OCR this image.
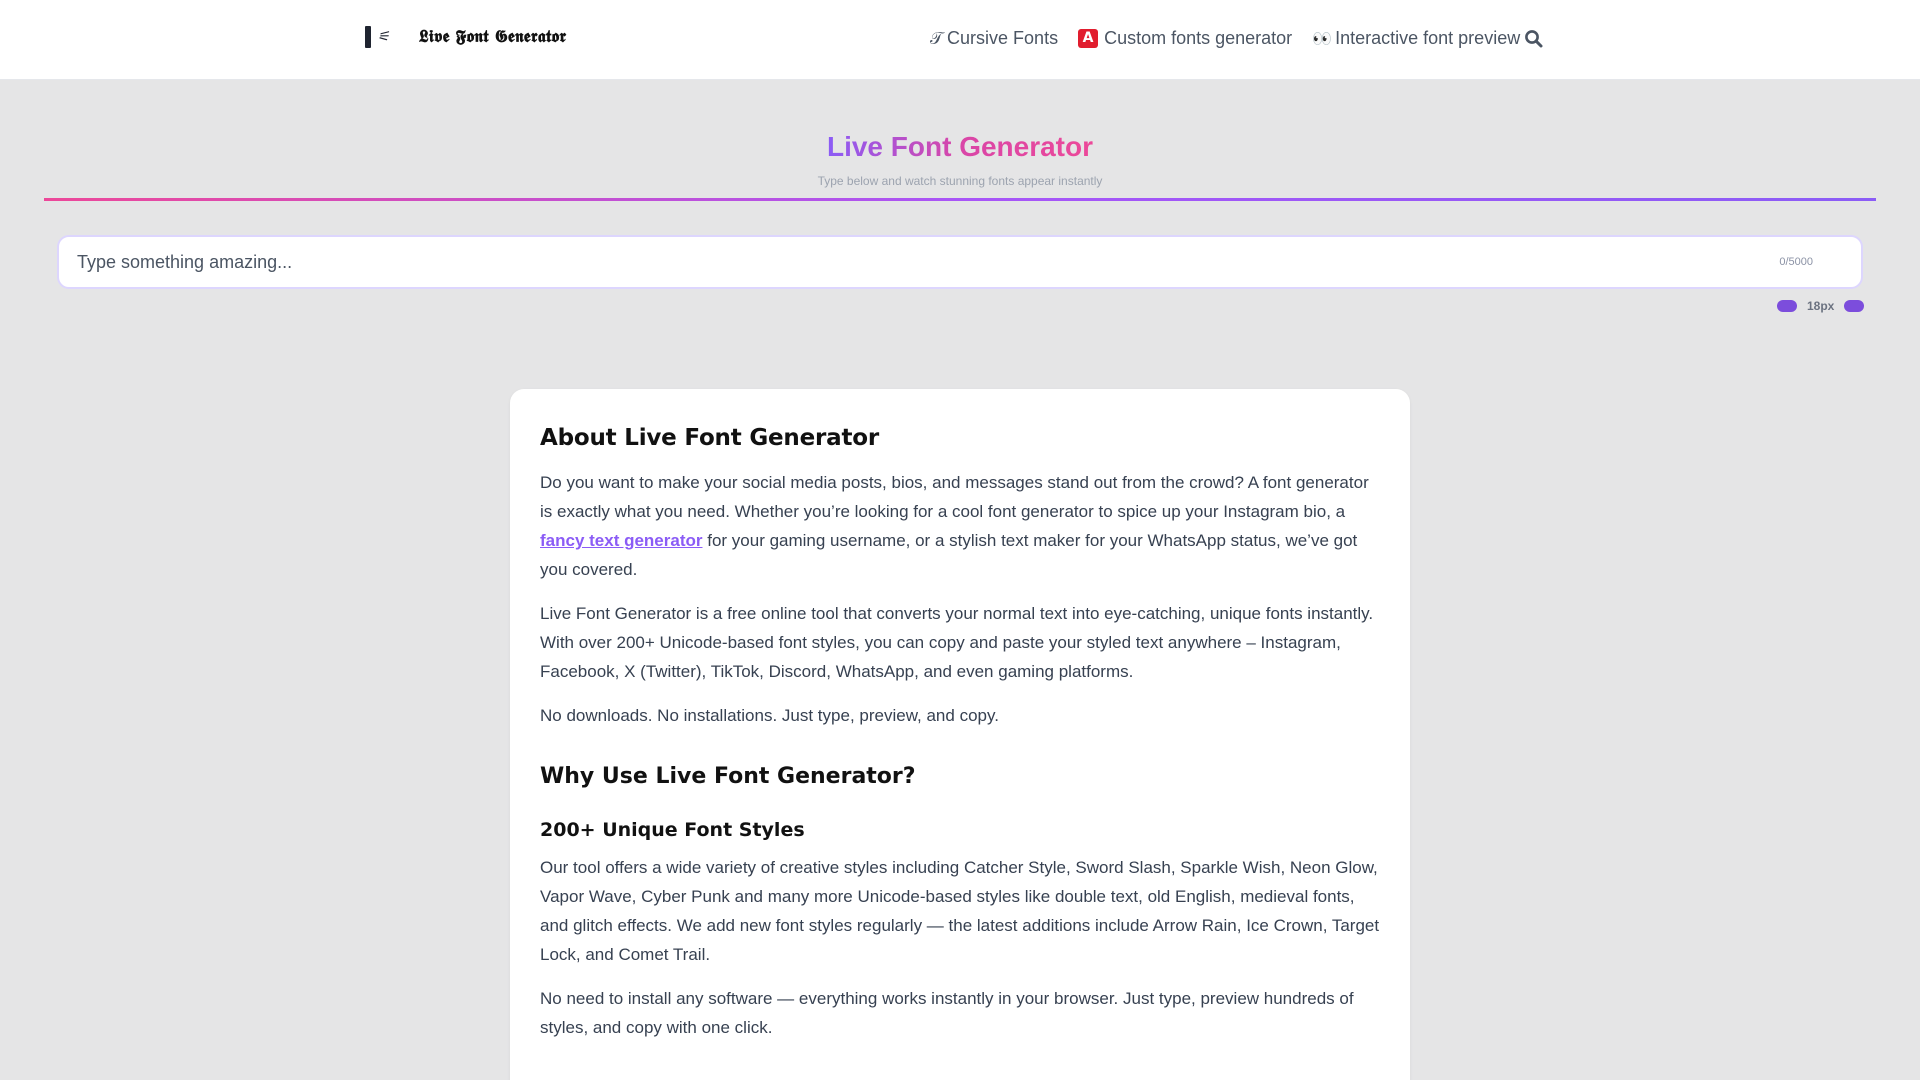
⚟ 𝕷𝖎𝖛𝖊 𝕱𝖔𝖓𝖙 𝕲𝖊𝖓𝖊𝖗𝖆𝖙𝖔𝖗	𝒯 Cursive Fonts	A Custom fonts generator 👀 Interactive font preview
Live Font Generator

Type below and watch stunning fonts appear instantly

Type something amazing...
0/5000
18px
About Live Font Generator

Do you want to make your social media posts, bios, and messages stand out from the crowd? A font generator is exactly what you need. Whether you’re looking for a cool font generator to spice up your Instagram bio, a fancy text generator for your gaming username, or a stylish text maker for your WhatsApp status, we’ve got you covered.

Live Font Generator is a free online tool that converts your normal text into eye-catching, unique fonts instantly. With over 200+ Unicode-based font styles, you can copy and paste your styled text anywhere – Instagram, Facebook, X (Twitter), TikTok, Discord, WhatsApp, and even gaming platforms.

No downloads. No installations. Just type, preview, and copy.

Why Use Live Font Generator?
200+ Unique Font Styles

Our tool offers a wide variety of creative styles including Catcher Style, Sword Slash, Sparkle Wish, Neon Glow, Vapor Wave, Cyber Punk and many more Unicode-based styles like double text, old English, medieval fonts, and glitch effects. We add new font styles regularly — the latest additions include Arrow Rain, Ice Crown, Target Lock, and Comet Trail.

No need to install any software — everything works instantly in your browser. Just type, preview hundreds of styles, and copy with one click.
